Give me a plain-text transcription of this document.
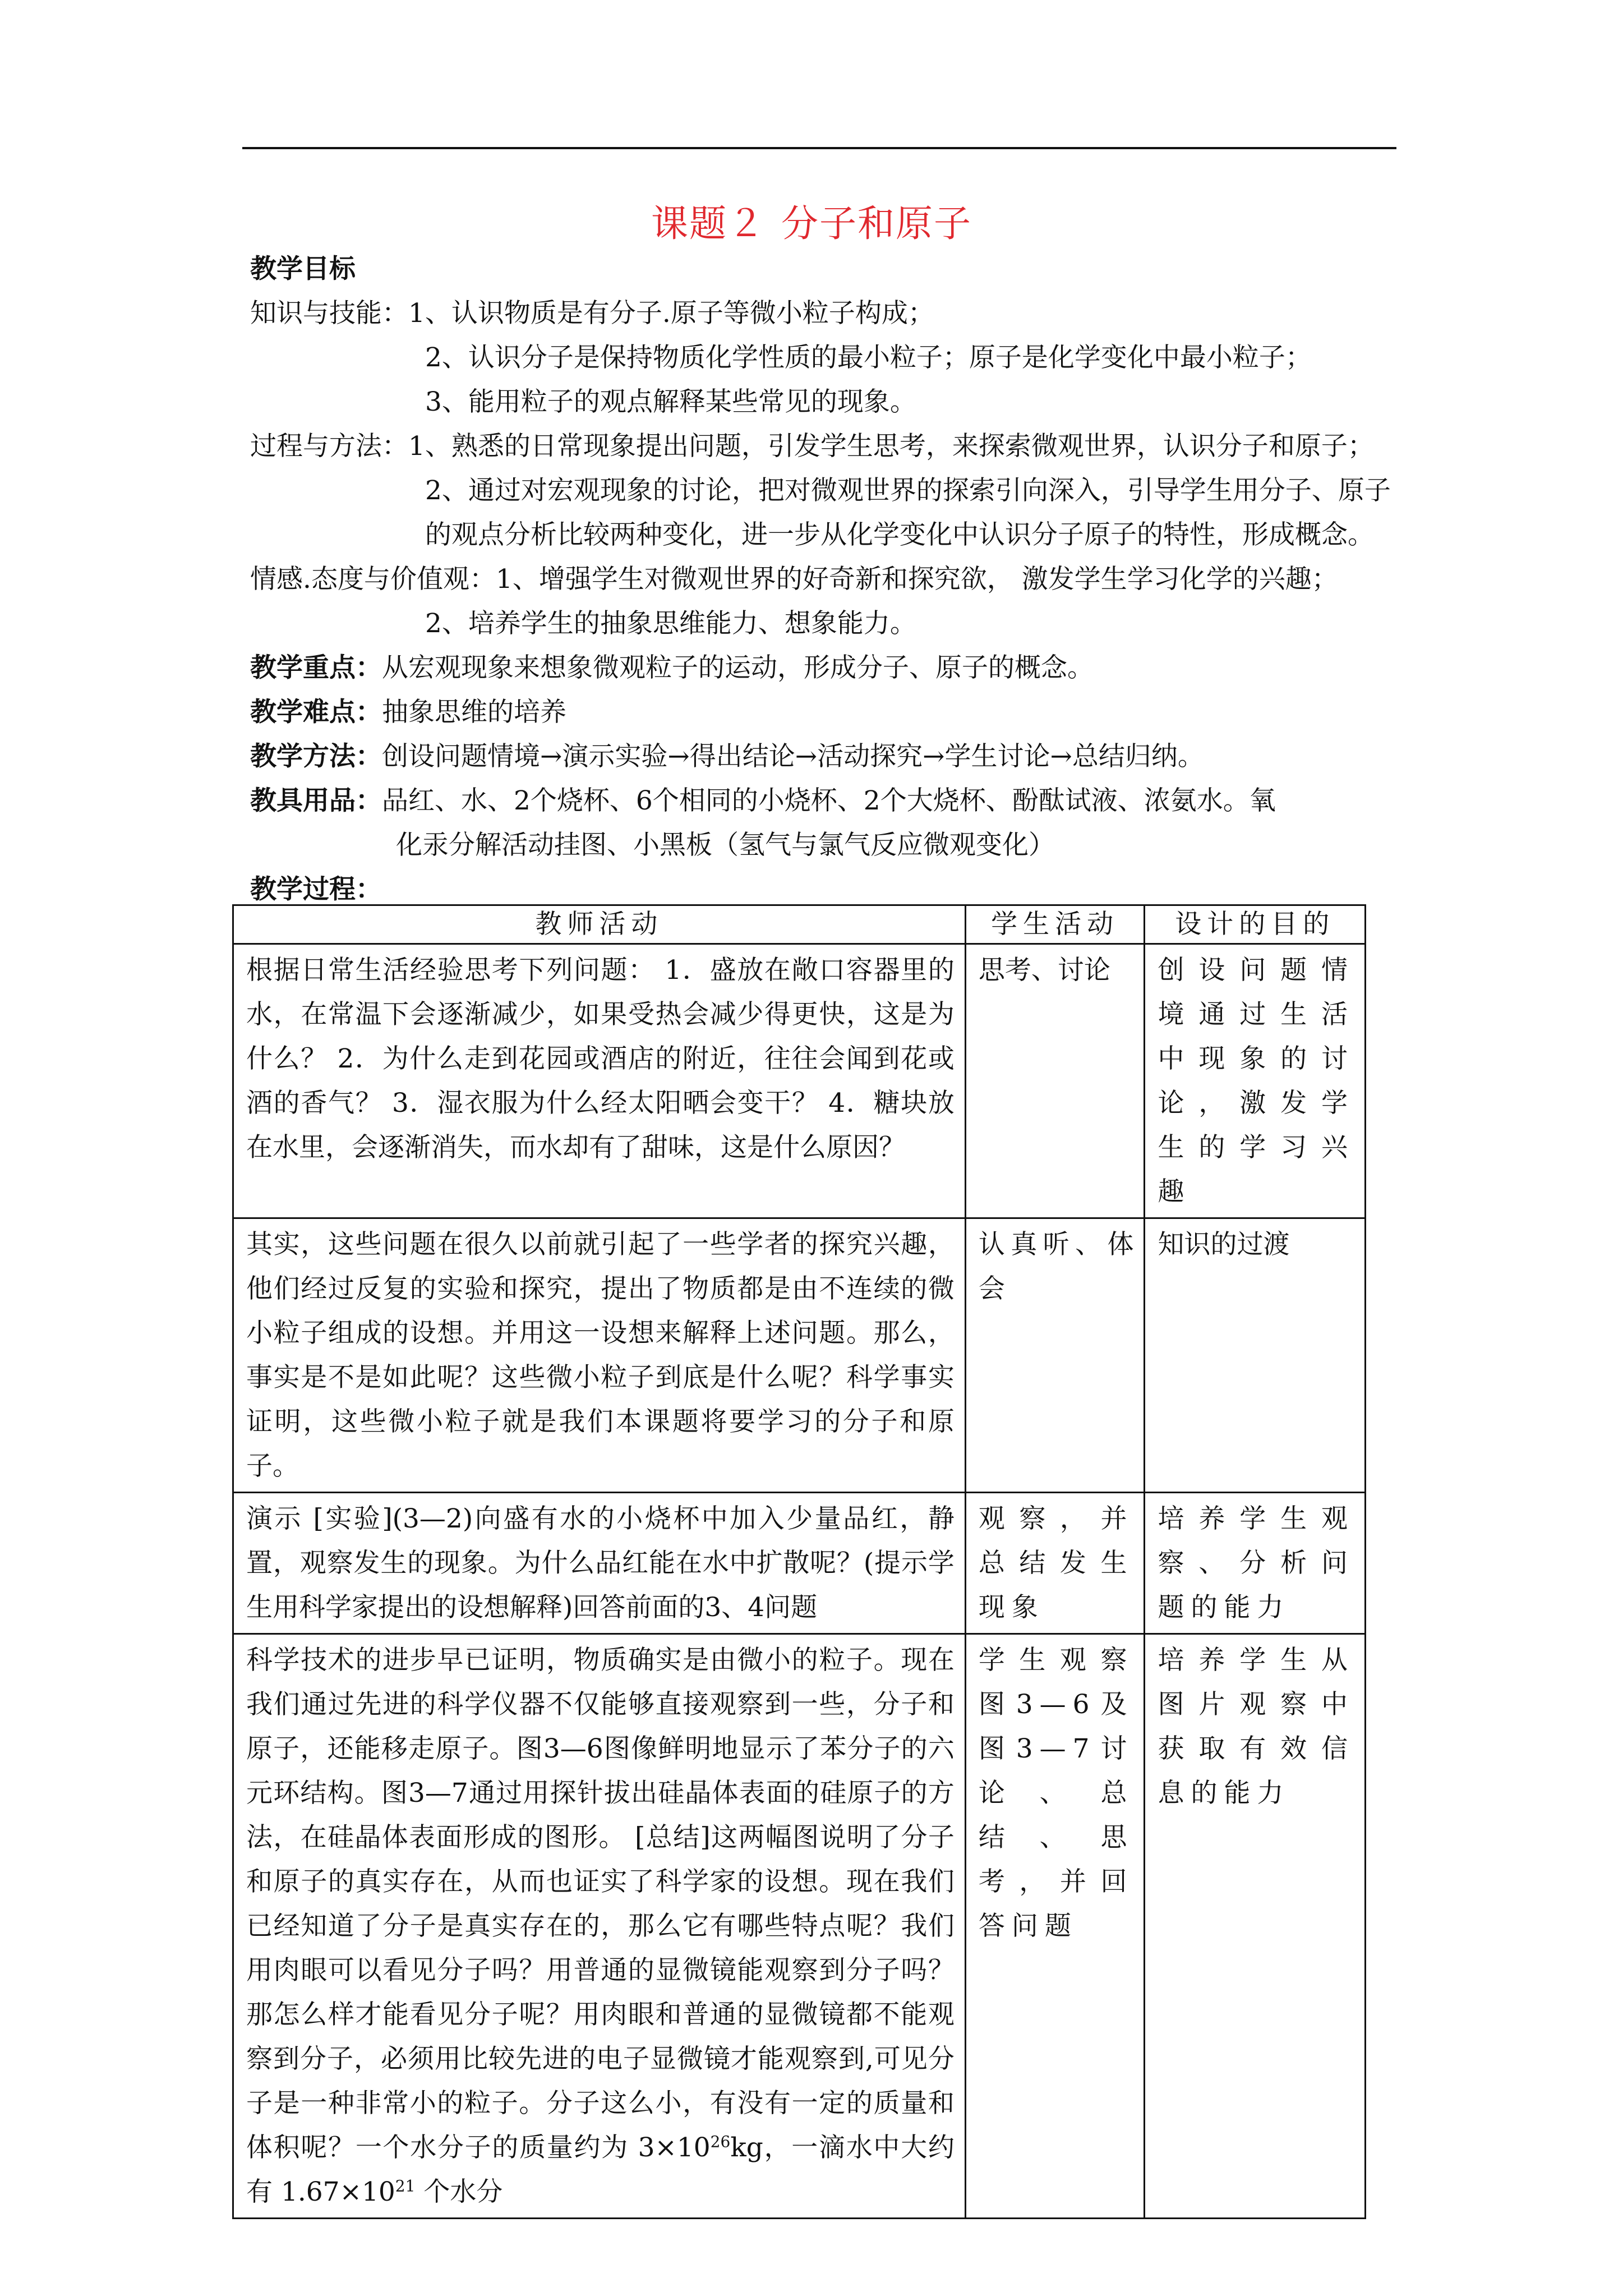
课题２ 分子和原子

教学目标

知识与技能：1、认识物质是有分子.原子等微小粒子构成；

2、认识分子是保持物质化学性质的最小粒子；原子是化学变化中最小粒子；

3、能用粒子的观点解释某些常见的现象。

过程与方法：1、熟悉的日常现象提出问题，引发学生思考，来探索微观世界，认识分子和原子；

2、通过对宏观现象的讨论，把对微观世界的探索引向深入，引导学生用分子、原子

的观点分析比较两种变化，进一步从化学变化中认识分子原子的特性，形成概念。

情感.态度与价值观：1、增强学生对微观世界的好奇新和探究欲， 激发学生学习化学的兴趣；

2、培养学生的抽象思维能力、想象能力。

教学重点：从宏观现象来想象微观粒子的运动，形成分子、原子的概念。

教学难点：抽象思维的培养

教学方法：创设问题情境→演示实验→得出结论→活动探究→学生讨论→总结归纳。

教具用品：品红、水、2个烧杯、6个相同的小烧杯、2个大烧杯、酚酞试液、浓氨水。氧

化汞分解活动挂图、小黑板（氢气与氯气反应微观变化）

教学过程：

教师活动	学生活动	设计的目的
根据日常生活经验思考下列问题： 1．盛放在敞口容器里的水，在常温下会逐渐减少，如果受热会减少得更快，这是为什么？ 2．为什么走到花园或酒店的附近，往往会闻到花或酒的香气？ 3．湿衣服为什么经太阳晒会变干？ 4．糖块放在水里，会逐渐消失，而水却有了甜味，这是什么原因？	思考、讨论	创设问题情境通过生活中现象的讨论，激发学生的学习兴趣
其实，这些问题在很久以前就引起了一些学者的探究兴趣，他们经过反复的实验和探究，提出了物质都是由不连续的微小粒子组成的设想。并用这一设想来解释上述问题。那么，事实是不是如此呢？这些微小粒子到底是什么呢？科学事实证明，这些微小粒子就是我们本课题将要学习的分子和原子。	认真听、体会	知识的过渡
演示 [实验](3—2)向盛有水的小烧杯中加入少量品红，静置，观察发生的现象。为什么品红能在水中扩散呢？(提示学生用科学家提出的设想解释)回答前面的3、4问题	观察，并总结发生现象	培养学生观察、分析问题的能力
科学技术的进步早已证明，物质确实是由微小的粒子。现在我们通过先进的科学仪器不仅能够直接观察到一些，分子和原子，还能移走原子。图3—6图像鲜明地显示了苯分子的六元环结构。图3—7通过用探针拔出硅晶体表面的硅原子的方法，在硅晶体表面形成的图形。 [总结]这两幅图说明了分子和原子的真实存在，从而也证实了科学家的设想。现在我们已经知道了分子是真实存在的，那么它有哪些特点呢？我们用肉眼可以看见分子吗？用普通的显微镜能观察到分子吗？那怎么样才能看见分子呢？用肉眼和普通的显微镜都不能观察到分子，必须用比较先进的电子显微镜才能观察到,可见分子是一种非常小的粒子。分子这么小，有没有一定的质量和体积呢？一个水分子的质量约为 $3\times 10^{26}kg$，一滴水中大约有 $1.67\times 10^{21}$ 个水分	学生观察图3—6及图3—7讨论、总结、思考，并回答问题	培养学生从图片观察中获取有效信息的能力
